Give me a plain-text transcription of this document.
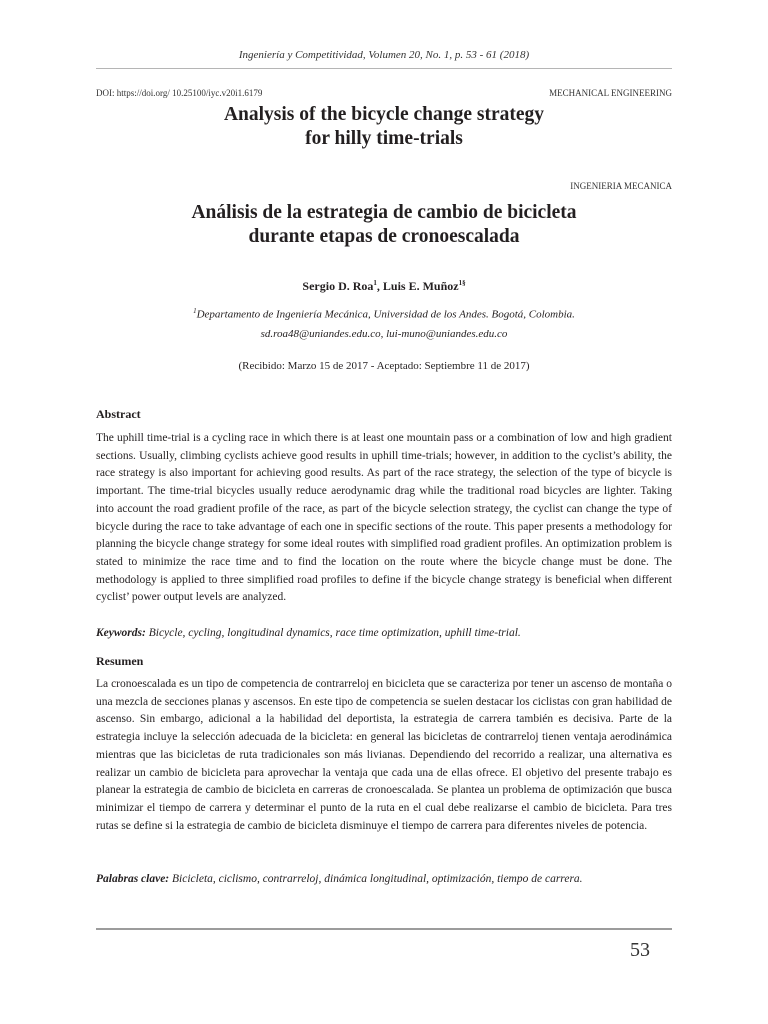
Ingeniería y Competitividad, Volumen 20, No. 1, p. 53 - 61 (2018)
DOI: https://doi.org/ 10.25100/iyc.v20i1.6179	MECHANICAL ENGINEERING
Analysis of the bicycle change strategy
for hilly time-trials
INGENIERIA MECANICA
Análisis de la estrategia de cambio de bicicleta
durante etapas de cronoescalada
Sergio D. Roa$^1$, Luis E. Muñoz$^{1\S}$
$^1$Departamento de Ingeniería Mecánica, Universidad de los Andes. Bogotá, Colombia.
sd.roa48@uniandes.edu.co, lui-muno@uniandes.edu.co
(Recibido: Marzo 15 de 2017 - Aceptado: Septiembre 11 de 2017)
Abstract
The uphill time-trial is a cycling race in which there is at least one mountain pass or a combination of low and high gradient sections. Usually, climbing cyclists achieve good results in uphill time-trials; however, in addition to the cyclist’s ability, the race strategy is also important for achieving good results. As part of the race strategy, the selection of the type of bicycle is important. The time-trial bicycles usually reduce aerodynamic drag while the traditional road bicycles are lighter. Taking into account the road gradient profile of the race, as part of the bicycle selection strategy, the cyclist can change the type of bicycle during the race to take advantage of each one in specific sections of the route. This paper presents a methodology for planning the bicycle change strategy for some ideal routes with simplified road gradient profiles. An optimization problem is stated to minimize the race time and to find the location on the route where the bicycle change must be done. The methodology is applied to three simplified road profiles to define if the bicycle change strategy is beneficial when different cyclist’ power output levels are analyzed.
Keywords: Bicycle, cycling, longitudinal dynamics, race time optimization, uphill time-trial.
Resumen
La cronoescalada es un tipo de competencia de contrarreloj en bicicleta que se caracteriza por tener un ascenso de montaña o una mezcla de secciones planas y ascensos. En este tipo de competencia se suelen destacar los ciclistas con gran habilidad de ascenso. Sin embargo, adicional a la habilidad del deportista, la estrategia de carrera también es decisiva. Parte de la estrategia incluye la selección adecuada de la bicicleta: en general las bicicletas de contrarreloj tienen ventaja aerodinámica mientras que las bicicletas de ruta tradicionales son más livianas. Dependiendo del recorrido a realizar, una alternativa es realizar un cambio de bicicleta para aprovechar la ventaja que cada una de ellas ofrece. El objetivo del presente trabajo es planear la estrategia de cambio de bicicleta en carreras de cronoescalada. Se plantea un problema de optimización que busca minimizar el tiempo de carrera y determinar el punto de la ruta en el cual debe realizarse el cambio de bicicleta. Para tres rutas se define si la estrategia de cambio de bicicleta disminuye el tiempo de carrera para diferentes niveles de potencia.
Palabras clave: Bicicleta, ciclismo, contrarreloj, dinámica longitudinal, optimización, tiempo de carrera.
53
